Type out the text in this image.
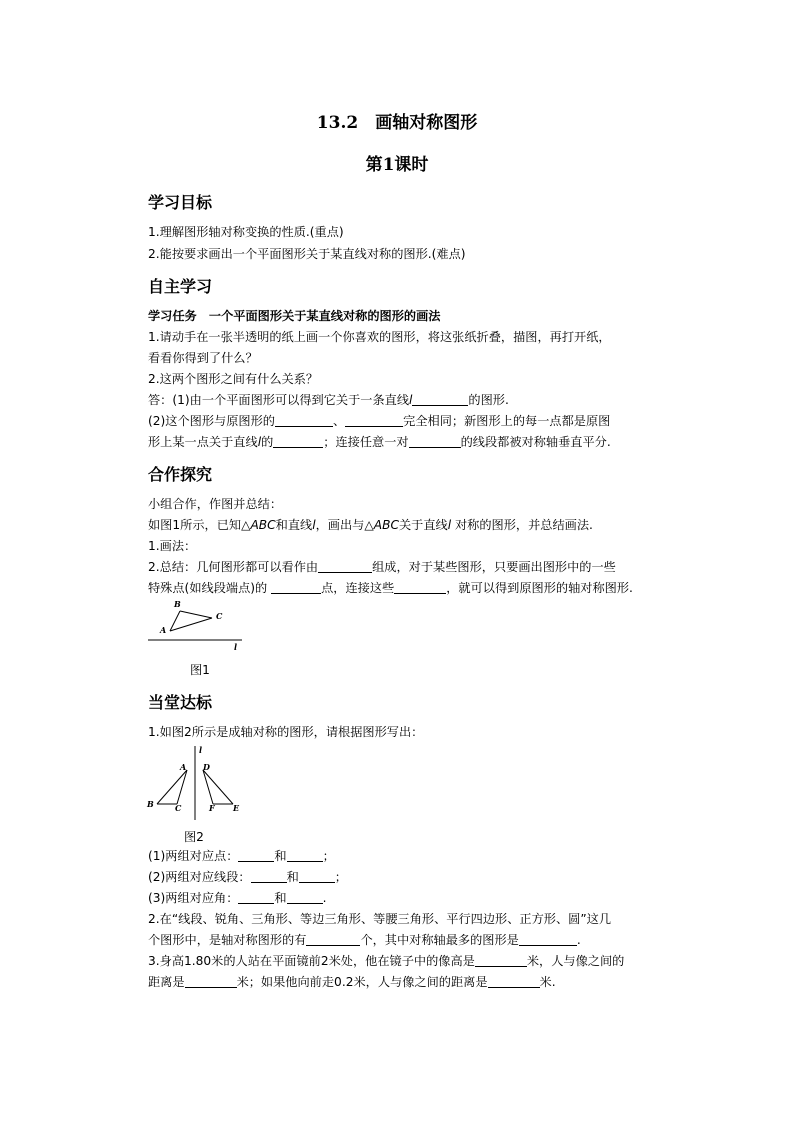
13.2　画轴对称图形
第1课时
学习目标
1.理解图形轴对称变换的性质.(重点)
2.能按要求画出一个平面图形关于某直线对称的图形.(难点)
自主学习
学习任务　一个平面图形关于某直线对称的图形的画法
1.请动手在一张半透明的纸上画一个你喜欢的图形，将这张纸折叠，描图，再打开纸，
看看你得到了什么？
2.这两个图形之间有什么关系？
答：(1)由一个平面图形可以得到它关于一条直线l	的图形.
(2)这个图形与原图形的	、	完全相同；新图形上的每一点都是原图
形上某一点关于直线l的	；连接任意一对	的线段都被对称轴垂直平分.
合作探究
小组合作，作图并总结：
如图1所示，已知△ABC和直线l，画出与△ABC关于直线l 对称的图形，并总结画法.
1.画法：
2.总结：几何图形都可以看作由	组成，对于某些图形，只要画出图形中的一些
特殊点(如线段端点)的	点，连接这些	，就可以得到原图形的轴对称图形.
B
C
A
l
图1
当堂达标
1.如图2所示是成轴对称的图形，请根据图形写出：
l
A D
B	C	F E
图2
(1)两组对应点：	和	；
(2)两组对应线段：	和	；
(3)两组对应角：	和	.
2.在“线段、锐角、三角形、等边三角形、等腰三角形、平行四边形、正方形、圆”这几
个图形中，是轴对称图形的有	个，其中对称轴最多的图形是	.
3.身高1.80米的人站在平面镜前2米处，他在镜子中的像高是	米，人与像之间的
距离是	米；如果他向前走0.2米，人与像之间的距离是	米.
